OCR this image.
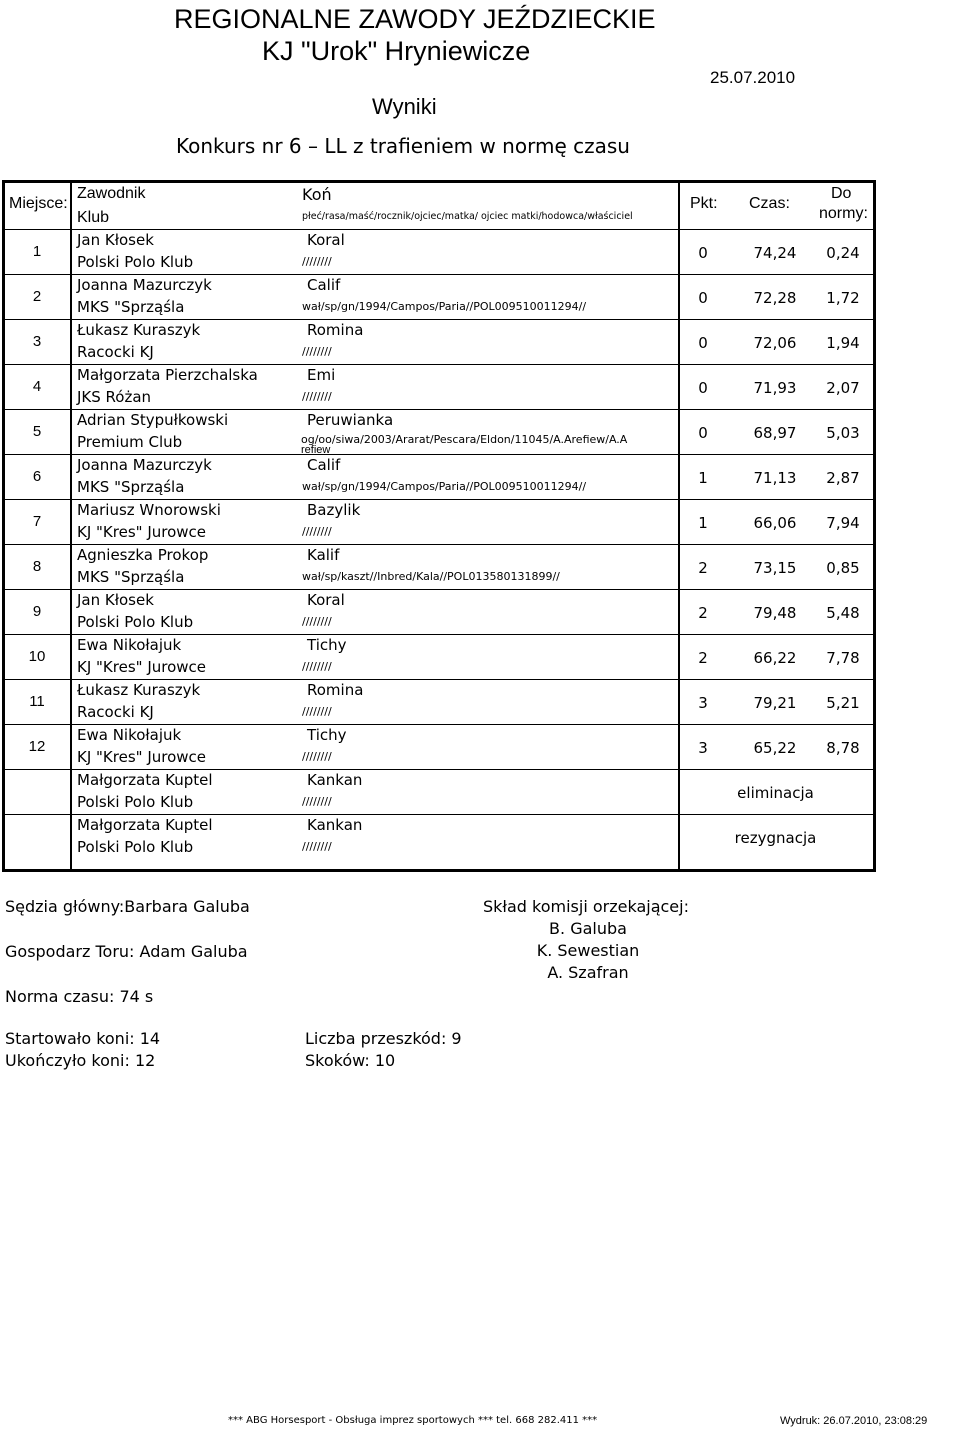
REGIONALNE ZAWODY JEŹDZIECKIE
KJ "Urok" Hryniewicze
25.07.2010
Wyniki
Konkurs nr 6 – LL z trafieniem w normę czasu
Miejsce:
Zawodnik
Klub
Koń
płeć/rasa/maść/rocznik/ojciec/matka/ ojciec matki/hodowca/właściciel
Pkt: Czas:
Do
normy:
1
Jan Kłosek
Polski Polo Klub
Koral
////////	0	74,24	0,24
2
Joanna Mazurczyk
MKS "Sprząśla
Calif
wał/sp/gn/1994/Campos/Paria//POL009510011294//	0	72,28	1,72
3
Łukasz Kuraszyk
Racocki KJ
Romina
////////	0	72,06	1,94
4
Małgorzata Pierzchalska
JKS Różan
Emi
////////	0	71,93	2,07
5
Adrian Stypułkowski
Premium Club
Peruwianka
og/oo/siwa/2003/Ararat/Pescara/Eldon/11045/A.Arefiew/A.A
refiew
0	68,97	5,03
6
Joanna Mazurczyk
MKS "Sprząśla
Calif
wał/sp/gn/1994/Campos/Paria//POL009510011294//	1	71,13	2,87
7
Mariusz Wnorowski
KJ "Kres" Jurowce
Bazylik
////////	1	66,06	7,94
8
Agnieszka Prokop
MKS "Sprząśla
Kalif
wał/sp/kaszt//Inbred/Kala//POL013580131899//	2	73,15	0,85
9
Jan Kłosek
Polski Polo Klub
Koral
////////	2	79,48	5,48
10
Ewa Nikołajuk
KJ "Kres" Jurowce
Tichy
////////	2	66,22	7,78
11
Łukasz Kuraszyk
Racocki KJ
Romina
////////	3	79,21	5,21
12
Ewa Nikołajuk
KJ "Kres" Jurowce
Tichy
////////	3	65,22	8,78
Małgorzata Kuptel
Polski Polo Klub
Kankan
////////	eliminacja
Małgorzata Kuptel
Polski Polo Klub
Kankan
////////	rezygnacja
Sędzia główny:Barbara Galuba
Gospodarz Toru: Adam Galuba
Norma czasu: 74 s
Skład komisji orzekającej:
B. Galuba
K. Sewestian
A. Szafran
Startowało koni: 14
Ukończyło koni: 12
Liczba przeszkód: 9
Skoków: 10
*** ABG Horsesport - Obsługa imprez sportowych *** tel. 668 282.411 ***	Wydruk: 26.07.2010, 23:08:29
